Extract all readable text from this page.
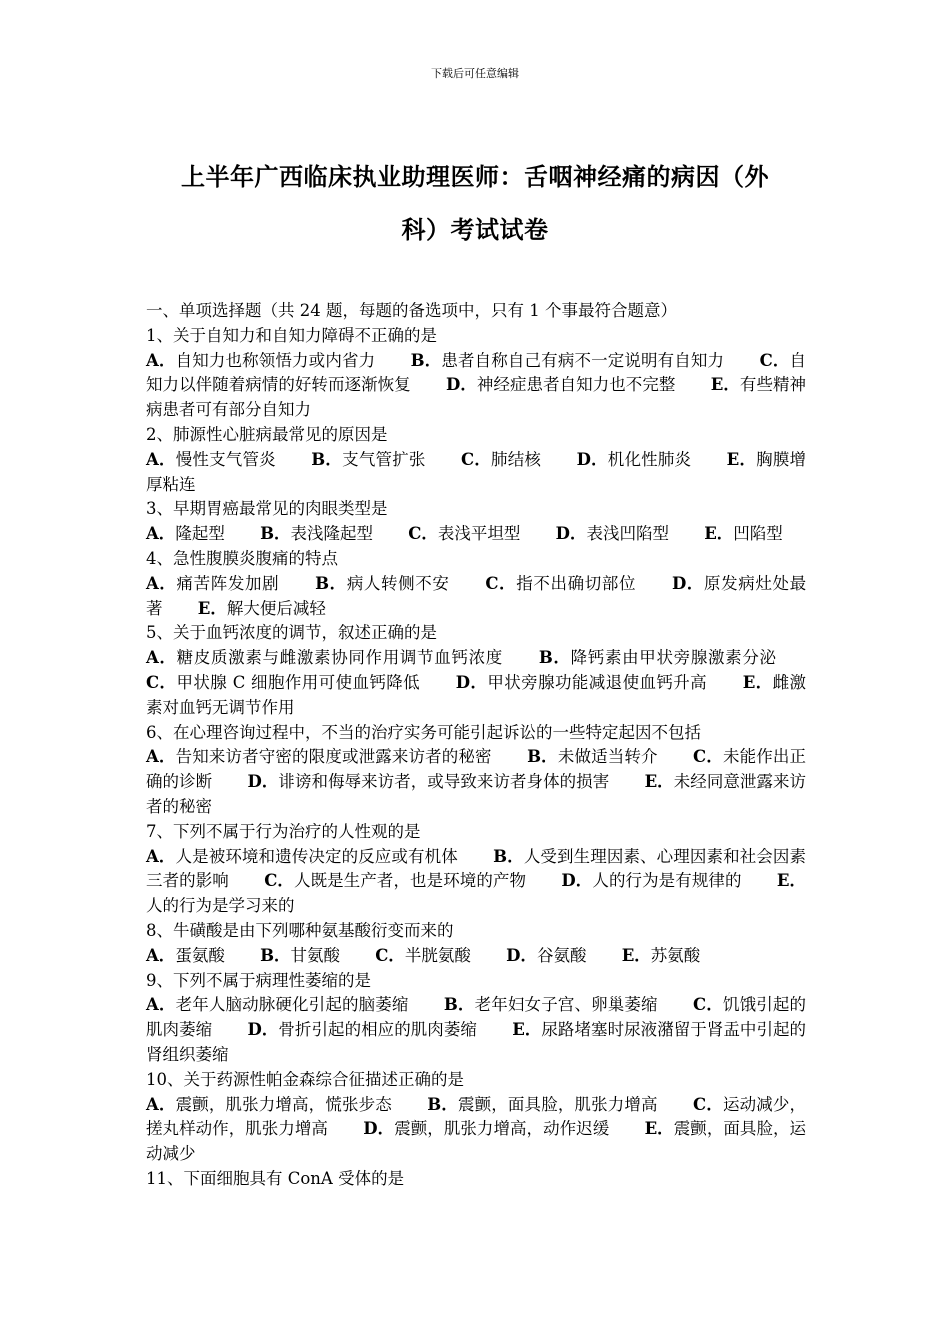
下载后可任意编辑
上半年广西临床执业助理医师：舌咽神经痛的病因（外
科）考试试卷
一、单项选择题（共 24 题，每题的备选项中，只有 1 个事最符合题意）
1、关于自知力和自知力障碍不正确的是
A．自知力也称领悟力或内省力 B．患者自称自己有病不一定说明有自知力 C．自知力以伴随着病情的好转而逐渐恢复 D．神经症患者自知力也不完整 E．有些精神病患者可有部分自知力
2、肺源性心脏病最常见的原因是
A．慢性支气管炎 B．支气管扩张 C．肺结核 D．机化性肺炎 E．胸膜增厚粘连
3、早期胃癌最常见的肉眼类型是
A．隆起型 B．表浅隆起型 C．表浅平坦型 D．表浅凹陷型 E．凹陷型
4、急性腹膜炎腹痛的特点
A．痛苦阵发加剧 B．病人转侧不安 C．指不出确切部位 D．原发病灶处最著 E．解大便后减轻
5、关于血钙浓度的调节，叙述正确的是
A．糖皮质激素与雌激素协同作用调节血钙浓度 B．降钙素由甲状旁腺激素分泌 C．甲状腺 C 细胞作用可使血钙降低 D．甲状旁腺功能减退使血钙升高 E．雌激素对血钙无调节作用
6、在心理咨询过程中，不当的治疗实务可能引起诉讼的一些特定起因不包括
A．告知来访者守密的限度或泄露来访者的秘密 B．未做适当转介 C．未能作出正确的诊断 D．诽谤和侮辱来访者，或导致来访者身体的损害 E．未经同意泄露来访者的秘密
7、下列不属于行为治疗的人性观的是
A．人是被环境和遗传决定的反应或有机体 B．人受到生理因素、心理因素和社会因素三者的影响 C．人既是生产者，也是环境的产物 D．人的行为是有规律的 E．人的行为是学习来的
8、牛磺酸是由下列哪种氨基酸衍变而来的
A．蛋氨酸 B．甘氨酸 C．半胱氨酸 D．谷氨酸 E．苏氨酸
9、下列不属于病理性萎缩的是
A．老年人脑动脉硬化引起的脑萎缩 B．老年妇女子宫、卵巢萎缩 C．饥饿引起的肌肉萎缩 D．骨折引起的相应的肌肉萎缩 E．尿路堵塞时尿液潴留于肾盂中引起的肾组织萎缩
10、关于药源性帕金森综合征描述正确的是
A．震颤，肌张力增高，慌张步态 B．震颤，面具脸，肌张力增高 C．运动减少，搓丸样动作，肌张力增高 D．震颤，肌张力增高，动作迟缓 E．震颤，面具脸，运动减少
11、下面细胞具有 ConA 受体的是
